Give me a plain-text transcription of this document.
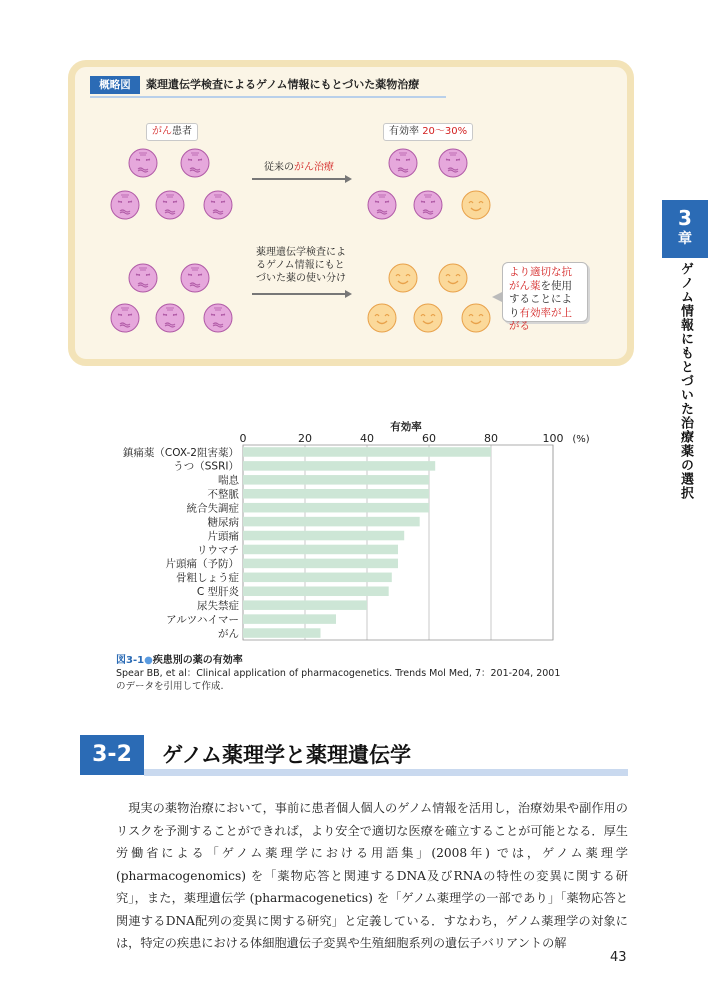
概略図	薬理遺伝学検査によるゲノム情報にもとづいた薬物治療
がん患者	有効率 20〜30%
従来のがん治療
薬理遺伝学検査によ
るゲノム情報にもと
づいた薬の使い分け
より適切な抗がん薬を使用することにより有効率が上がる
有効率
0	20	40	60	80	100 (%)
鎮痛薬（COX-2阻害薬）
うつ（SSRI）
喘息
不整脈
統合失調症
糖尿病
片頭痛
リウマチ
片頭痛（予防）
骨粗しょう症
C 型肝炎
尿失禁症
アルツハイマー
がん
図3-1●疾患別の薬の有効率
Spear BB, et al：Clinical application of pharmacogenetics. Trends Mol Med, 7：201-204, 2001
のデータを引用して作成.
3-2	ゲノム薬理学と薬理遺伝学
現実の薬物治療において，事前に患者個人個人のゲノム情報を活用し，治療効果や副作用のリスクを予測することができれば，より安全で適切な医療を確立することが可能となる．厚生労働省による「ゲノム薬理学における用語集」(2008年) では，ゲノム薬理学 (pharmacogenomics) を「薬物応答と関連するDNA及びRNAの特性の変異に関する研究」，また，薬理遺伝学 (pharmacogenetics) を「ゲノム薬理学の一部であり」「薬物応答と関連するDNA配列の変異に関する研究」と定義している．すなわち，ゲノム薬理学の対象には，特定の疾患における体細胞遺伝子変異や生殖細胞系列の遺伝子バリアントの解
3
章
ゲノム情報にもとづいた治療薬の選択
43
